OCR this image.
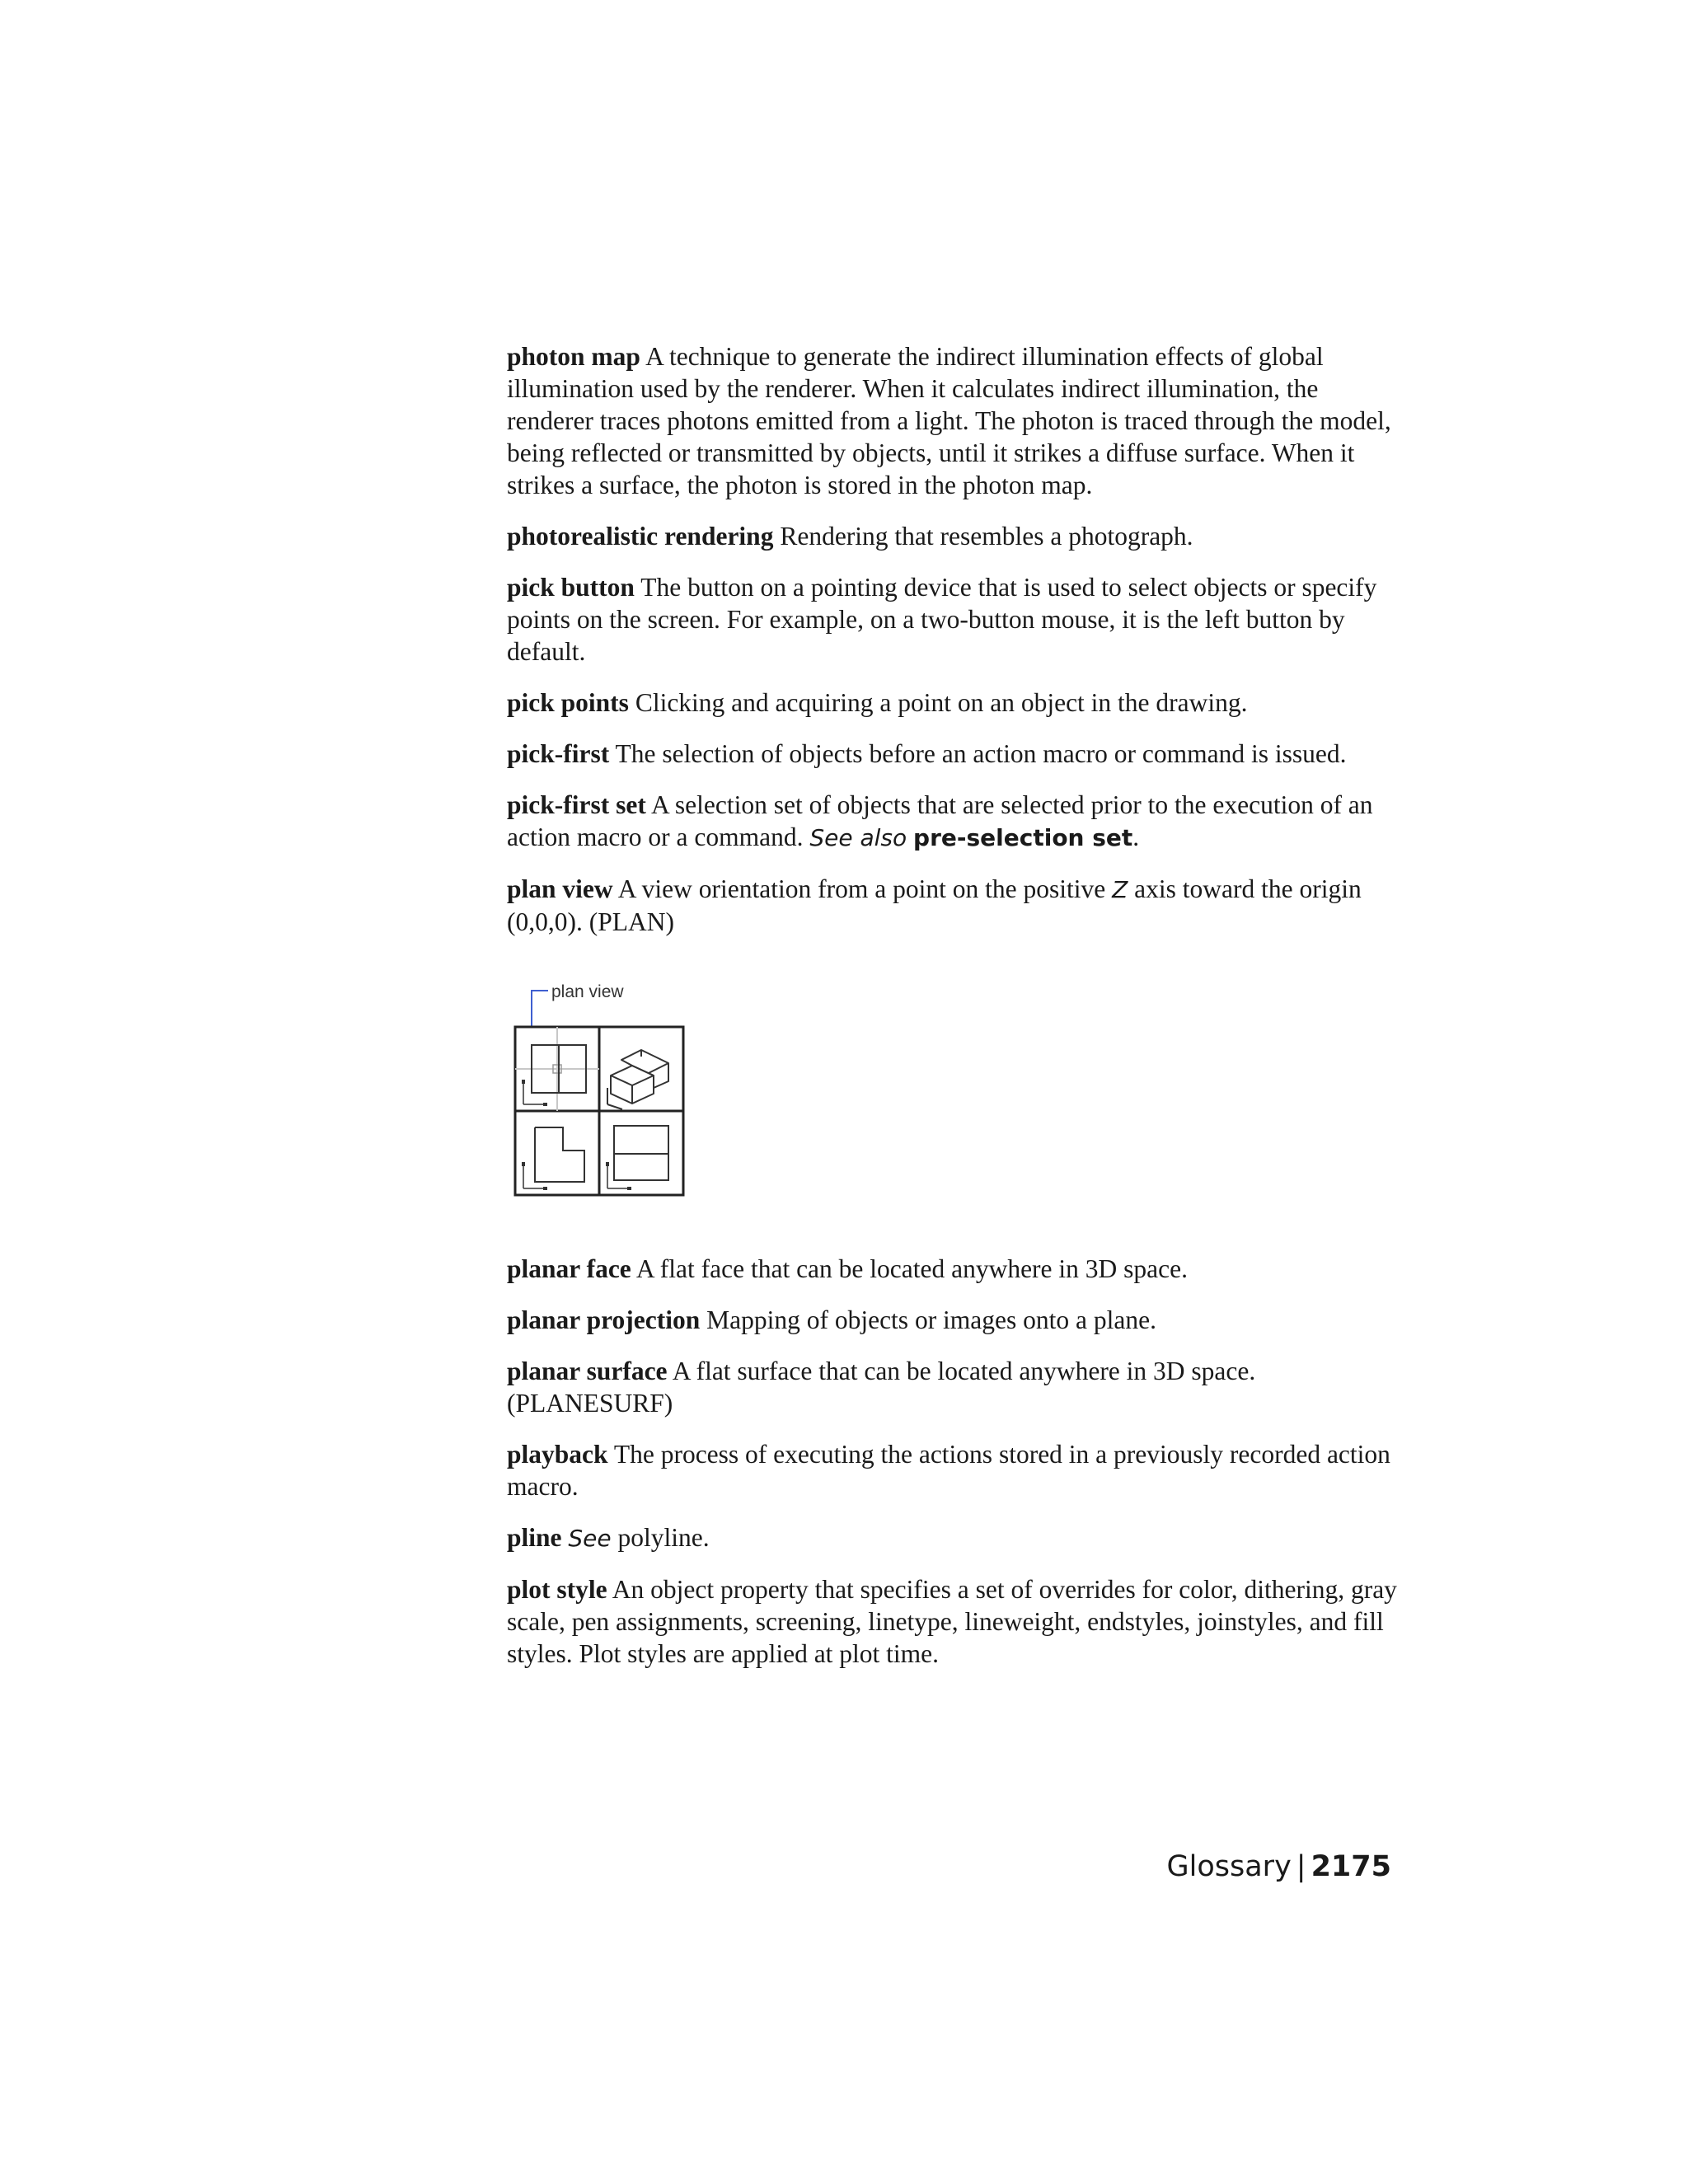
photon map A technique to generate the indirect illumination effects of global illumination used by the renderer. When it calculates indirect illumination, the renderer traces photons emitted from a light. The photon is traced through the model, being reflected or transmitted by objects, until it strikes a diffuse surface. When it strikes a surface, the photon is stored in the photon map.

photorealistic rendering Rendering that resembles a photograph.

pick button The button on a pointing device that is used to select objects or specify points on the screen. For example, on a two-button mouse, it is the left button by default.

pick points Clicking and acquiring a point on an object in the drawing.

pick-first The selection of objects before an action macro or command is issued.

pick-first set A selection set of objects that are selected prior to the execution of an action macro or a command. See also pre-selection set.

plan view A view orientation from a point on the positive Z axis toward the origin (0,0,0). (PLAN)

plan view

planar face A flat face that can be located anywhere in 3D space.

planar projection Mapping of objects or images onto a plane.

planar surface A flat surface that can be located anywhere in 3D space. (PLANESURF)

playback The process of executing the actions stored in a previously recorded action macro.

pline See polyline.

plot style An object property that specifies a set of overrides for color, dithering, gray scale, pen assignments, screening, linetype, lineweight, endstyles, joinstyles, and fill styles. Plot styles are applied at plot time.

Glossary | 2175
